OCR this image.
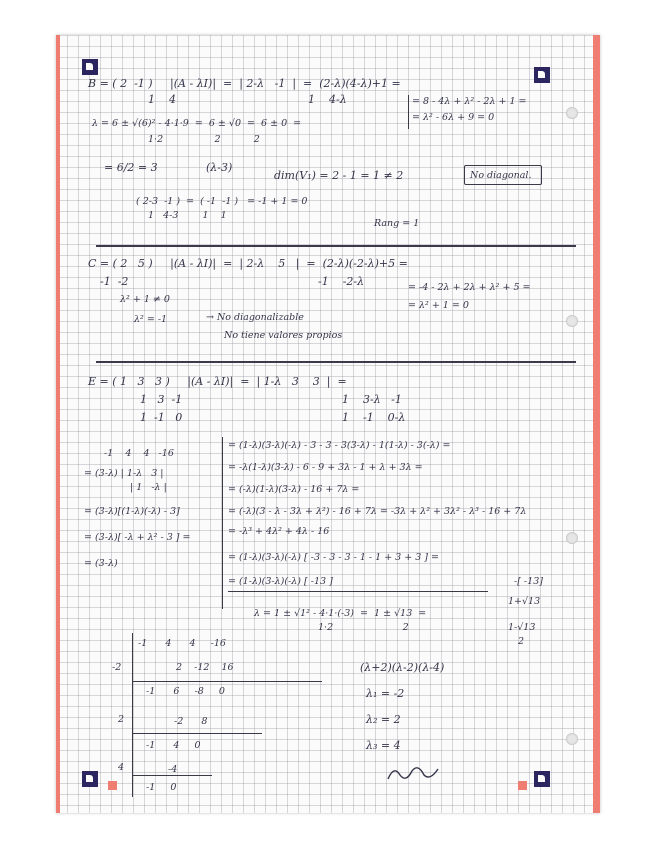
B = ( 2  -1 )     |(A - λI)|  =  | 2-λ   -1  |  =  (2-λ)(4-λ)+1 =
1    4	1    4-λ	= 8 - 4λ + λ² - 2λ + 1 =
= λ² - 6λ + 9 = 0
λ = 6 ± √(6)² - 4·1·9  =  6 ± √0  =  6 ± 0  =
1·2                 2           2
= 6/2 = 3	(λ-3)
dim(V₁) = 2 - 1 = 1 ≠ 2	No diagonal.
( 2-3  -1 )  =  ( -1  -1 )   = -1 + 1 = 0
1   4-3        1    1
Rang = 1
C = ( 2   5 )     |(A - λI)|  =  | 2-λ    5   |  =  (2-λ)(-2-λ)+5 =
-1  -2	-1    -2-λ	= -4 - 2λ + 2λ + λ² + 5 =
= λ² + 1 = 0
λ² + 1 ≠ 0
λ² = -1	→ No diagonalizable
No tiene valores propios
E = ( 1   3   3 )     |(A - λI)|  =  | 1-λ   3    3  |  =
1   3  -1
1  -1   0
1    3-λ   -1
1    -1    0-λ
= (1-λ)(3-λ)(-λ) - 3 - 3 - 3(3-λ) - 1(1-λ) - 3(-λ) =
= -λ(1-λ)(3-λ) - 6 - 9 + 3λ - 1 + λ + 3λ =
= (-λ)(1-λ)(3-λ) - 16 + 7λ =
= (-λ)(3 - λ - 3λ + λ²) - 16 + 7λ = -3λ + λ² + 3λ² - λ³ - 16 + 7λ
= -λ³ + 4λ² + 4λ - 16
= (1-λ)(3-λ)(-λ) [ -3 - 3 - 3 - 1 - 1 + 3 + 3 ] =
= (1-λ)(3-λ)(-λ) [ -13 ]	-[ -13]
-1    4    4   -16
= (3-λ) | 1-λ   3 |
| 1   -λ |
= (3-λ)[(1-λ)(-λ) - 3]
= (3-λ)[ -λ + λ² - 3 ] =
= (3-λ)
λ = 1 ± √1² - 4·1·(-3)  =  1 ± √13  =
1·2                       2
1+√13
1-√13
2
-1      4      4     -16
-2	2    -12    16
-1      6     -8     0
2	-2      8
-1      4     0
4	-4
-1     0
(λ+2)(λ-2)(λ-4)
λ₁ = -2
λ₂ = 2
λ₃ = 4
